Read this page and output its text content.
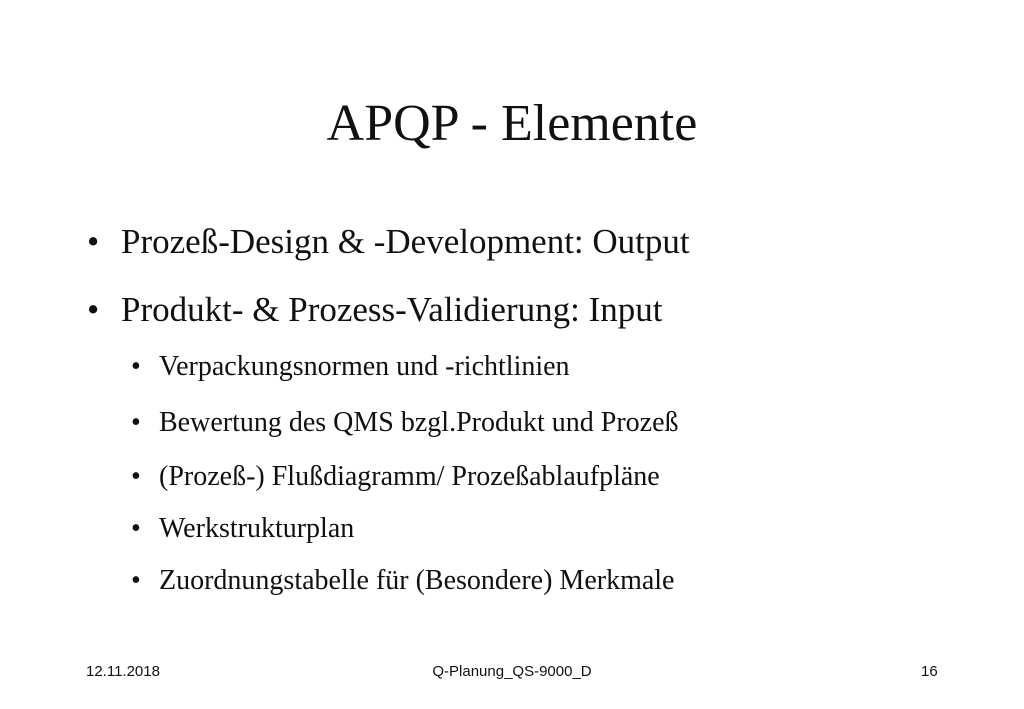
APQP - Elemente
• Prozeß-Design & -Development: Output
• Produkt- & Prozess-Validierung: Input
• Verpackungsnormen und -richtlinien
• Bewertung des QMS bzgl.Produkt und Prozeß
• (Prozeß-) Flußdiagramm/ Prozeßablaufpläne
• Werkstrukturplan
• Zuordnungstabelle für (Besondere) Merkmale
12.11.2018	Q-Planung_QS-9000_D	16
